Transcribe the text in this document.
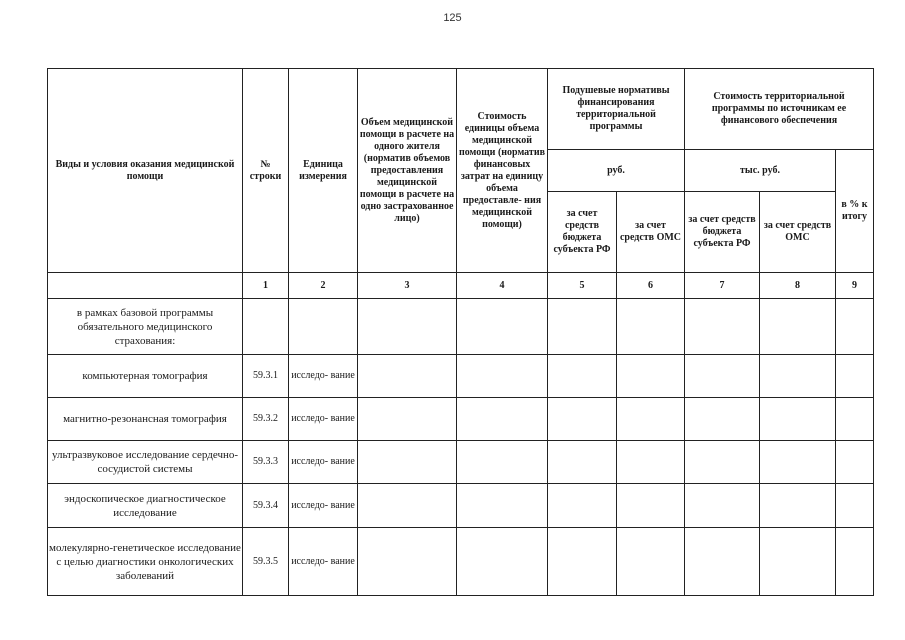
125
Виды и условия оказания медицинской помощи	№ строки	Единица измерения	Объем медицинской помощи в расчете на одного жителя (норматив объемов предоставления медицинской помощи в расчете на одно застрахованное лицо)	Стоимость единицы объема медицинской помощи (норматив финансовых затрат на единицу объема предоставле- ния медицинской помощи)	Подушевые нормативы финансирования территориальной программы		Стоимость территориальной программы по источникам ее финансового обеспечения		
					руб.		тыс. руб.		в % к итогу
					за счет средств бюджета субъекта РФ	за счет средств ОМС	за счет средств бюджета субъекта РФ	за счет средств ОМС	
	1	2	3	4	5	6	7	8	9
в рамках базовой программы обязательного медицинского страхования:									
компьютерная томография	59.3.1	исследо- вание							
магнитно-резонансная томография	59.3.2	исследо- вание							
ультразвуковое исследование сердечно-сосудистой системы	59.3.3	исследо- вание							
эндоскопическое диагностическое исследование	59.3.4	исследо- вание							
молекулярно-генетическое исследование с целью диагностики онкологических заболеваний	59.3.5	исследо- вание							
